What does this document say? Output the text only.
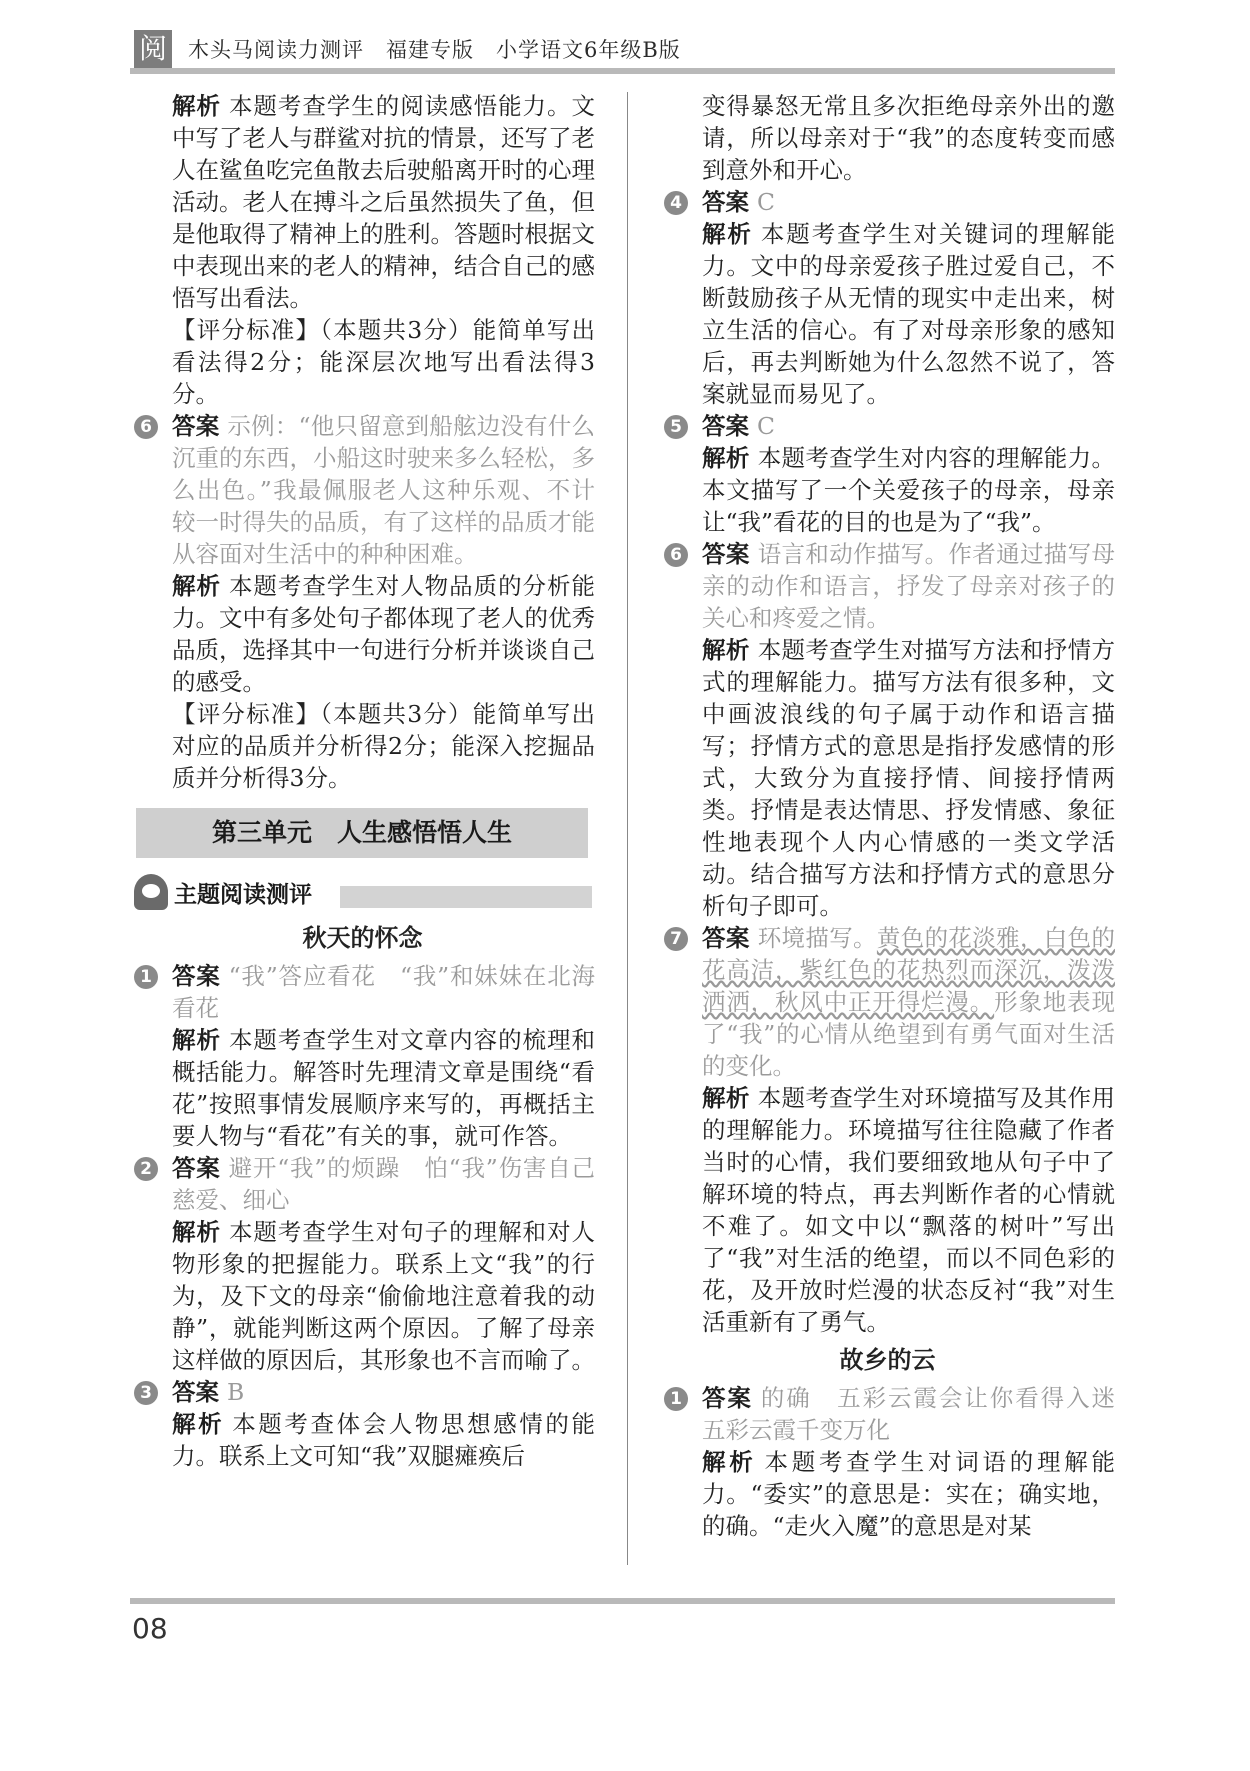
阅 木头马阅读力测评　福建专版　小学语文6年级B版

解析 本题考查学生的阅读感悟能力。文中写了老人与群鲨对抗的情景，还写了老人在鲨鱼吃完鱼散去后驶船离开时的心理活动。老人在搏斗之后虽然损失了鱼，但是他取得了精神上的胜利。答题时根据文中表现出来的老人的精神，结合自己的感悟写出看法。

【评分标准】（本题共3分）能简单写出看法得2分；能深层次地写出看法得3分。

6 答案 示例：“他只留意到船舷边没有什么沉重的东西，小船这时驶来多么轻松，多么出色。”我最佩服老人这种乐观、不计较一时得失的品质，有了这样的品质才能从容面对生活中的种种困难。

解析 本题考查学生对人物品质的分析能力。文中有多处句子都体现了老人的优秀品质，选择其中一句进行分析并谈谈自己的感受。

【评分标准】（本题共3分）能简单写出对应的品质并分析得2分；能深入挖掘品质并分析得3分。

第三单元　人生感悟悟人生
主题阅读测评
秋天的怀念
1 答案 “我”答应看花　“我”和妹妹在北海看花

解析 本题考查学生对文章内容的梳理和概括能力。解答时先理清文章是围绕“看花”按照事情发展顺序来写的，再概括主要人物与“看花”有关的事，就可作答。

2 答案 避开“我”的烦躁　怕“我”伤害自己　慈爱、细心

解析 本题考查学生对句子的理解和对人物形象的把握能力。联系上文“我”的行为，及下文的母亲“偷偷地注意着我的动静”，就能判断这两个原因。了解了母亲这样做的原因后，其形象也不言而喻了。

3 答案 B

解析 本题考查体会人物思想感情的能力。联系上文可知“我”双腿瘫痪后

变得暴怒无常且多次拒绝母亲外出的邀请，所以母亲对于“我”的态度转变而感到意外和开心。

4 答案 C

解析 本题考查学生对关键词的理解能力。文中的母亲爱孩子胜过爱自己，不断鼓励孩子从无情的现实中走出来，树立生活的信心。有了对母亲形象的感知后，再去判断她为什么忽然不说了，答案就显而易见了。

5 答案 C

解析 本题考查学生对内容的理解能力。本文描写了一个关爱孩子的母亲，母亲让“我”看花的目的也是为了“我”。

6 答案 语言和动作描写。作者通过描写母亲的动作和语言，抒发了母亲对孩子的关心和疼爱之情。

解析 本题考查学生对描写方法和抒情方式的理解能力。描写方法有很多种，文中画波浪线的句子属于动作和语言描写；抒情方式的意思是指抒发感情的形式，大致分为直接抒情、间接抒情两类。抒情是表达情思、抒发情感、象征性地表现个人内心情感的一类文学活动。结合描写方法和抒情方式的意思分析句子即可。

7 答案 环境描写。黄色的花淡雅，白色的花高洁，紫红色的花热烈而深沉，泼泼洒洒，秋风中正开得烂漫。形象地表现了“我”的心情从绝望到有勇气面对生活的变化。

解析 本题考查学生对环境描写及其作用的理解能力。环境描写往往隐藏了作者当时的心情，我们要细致地从句子中了解环境的特点，再去判断作者的心情就不难了。如文中以“飘落的树叶”写出了“我”对生活的绝望，而以不同色彩的花，及开放时烂漫的状态反衬“我”对生活重新有了勇气。

故乡的云
1 答案 的确　五彩云霞会让你看得入迷　五彩云霞千变万化

解析 本题考查学生对词语的理解能力。“委实”的意思是：实在；确实地，的确。“走火入魔”的意思是对某

08
